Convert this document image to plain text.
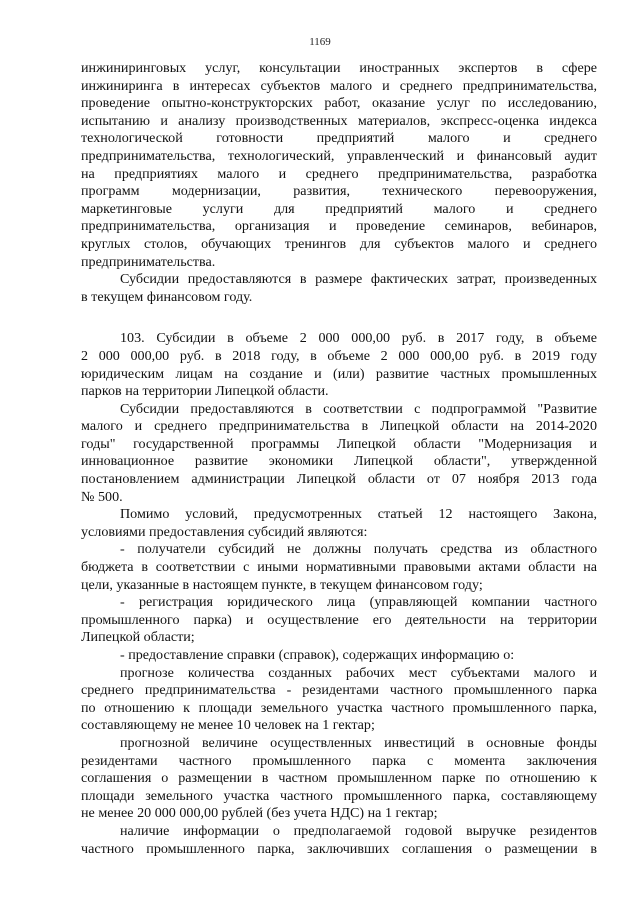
1169
инжиниринговых услуг, консультации иностранных экспертов в сфере
инжиниринга в интересах субъектов малого и среднего предпринимательства,
проведение опытно-конструкторских работ, оказание услуг по исследованию,
испытанию и анализу производственных материалов, экспресс-оценка индекса
технологической готовности предприятий малого и среднего
предпринимательства, технологический, управленческий и финансовый аудит
на предприятиях малого и среднего предпринимательства, разработка
программ модернизации, развития, технического перевооружения,
маркетинговые услуги для предприятий малого и среднего
предпринимательства, организация и проведение семинаров, вебинаров,
круглых столов, обучающих тренингов для субъектов малого и среднего
предпринимательства.
Субсидии предоставляются в размере фактических затрат, произведенных
в текущем финансовом году.
103. Субсидии в объеме 2 000 000,00 руб. в 2017 году, в объеме
2 000 000,00 руб. в 2018 году, в объеме 2 000 000,00 руб. в 2019 году
юридическим лицам на создание и (или) развитие частных промышленных
парков на территории Липецкой области.
Субсидии предоставляются в соответствии с подпрограммой "Развитие
малого и среднего предпринимательства в Липецкой области на 2014-2020
годы" государственной программы Липецкой области "Модернизация и
инновационное развитие экономики Липецкой области", утвержденной
постановлением администрации Липецкой области от 07 ноября 2013 года
№ 500.
Помимо условий, предусмотренных статьей 12 настоящего Закона,
условиями предоставления субсидий являются:
- получатели субсидий не должны получать средства из областного
бюджета в соответствии с иными нормативными правовыми актами области на
цели, указанные в настоящем пункте, в текущем финансовом году;
- регистрация юридического лица (управляющей компании частного
промышленного парка) и осуществление его деятельности на территории
Липецкой области;
- предоставление справки (справок), содержащих информацию о:
прогнозе количества созданных рабочих мест субъектами малого и
среднего предпринимательства - резидентами частного промышленного парка
по отношению к площади земельного участка частного промышленного парка,
составляющему не менее 10 человек на 1 гектар;
прогнозной величине осуществленных инвестиций в основные фонды
резидентами частного промышленного парка с момента заключения
соглашения о размещении в частном промышленном парке по отношению к
площади земельного участка частного промышленного парка, составляющему
не менее 20 000 000,00 рублей (без учета НДС) на 1 гектар;
наличие информации о предполагаемой годовой выручке резидентов
частного промышленного парка, заключивших соглашения о размещении в
